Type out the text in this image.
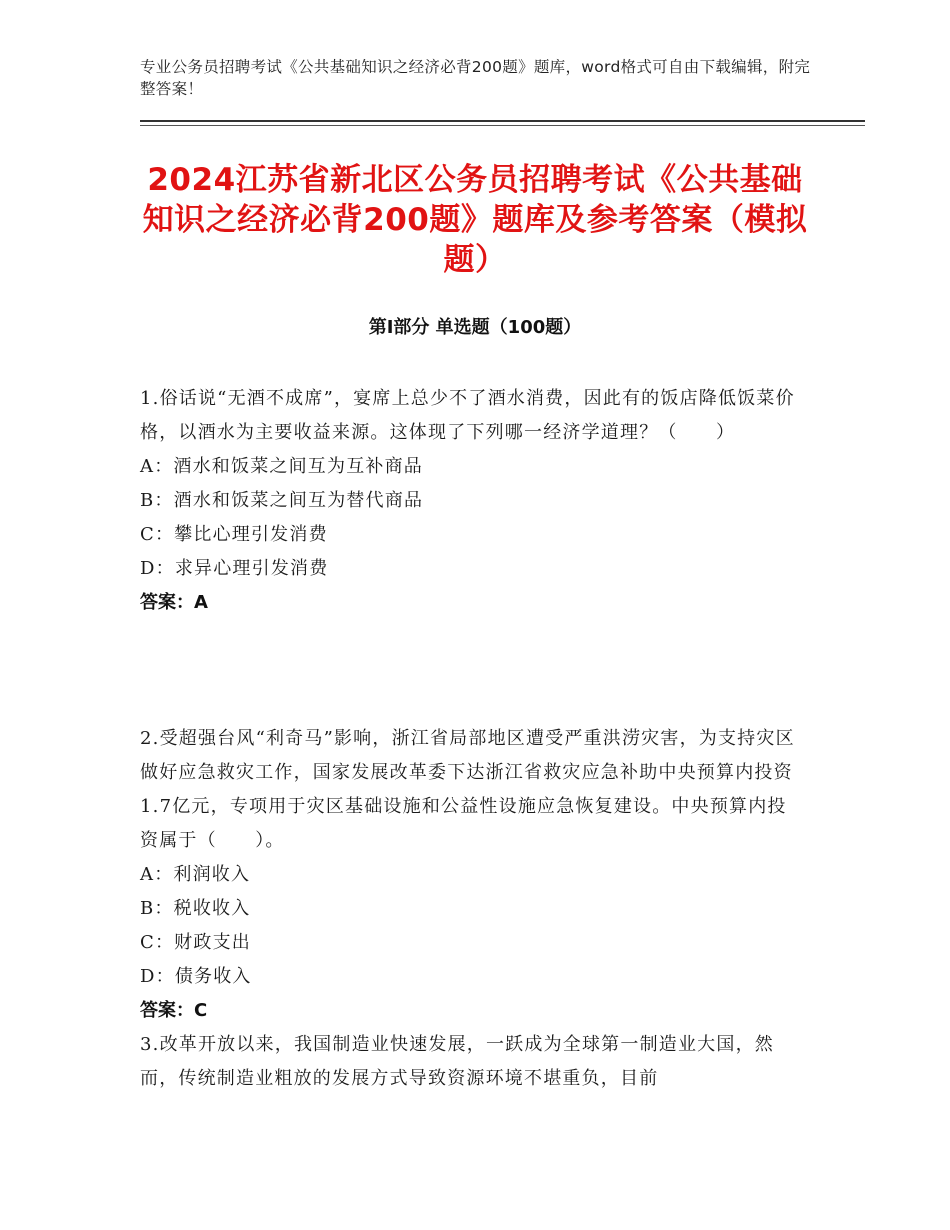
专业公务员招聘考试《公共基础知识之经济必背200题》题库，word格式可自由下载编辑，附完整答案！
2024江苏省新北区公务员招聘考试《公共基础知识之经济必背200题》题库及参考答案（模拟题）
第Ⅰ部分 单选题（100题）
1.俗话说“无酒不成席”，宴席上总少不了酒水消费，因此有的饭店降低饭菜价格，以酒水为主要收益来源。这体现了下列哪一经济学道理？（　　）
A：酒水和饭菜之间互为互补商品
B：酒水和饭菜之间互为替代商品
C：攀比心理引发消费
D：求异心理引发消费
答案：A
2.受超强台风“利奇马”影响，浙江省局部地区遭受严重洪涝灾害，为支持灾区做好应急救灾工作，国家发展改革委下达浙江省救灾应急补助中央预算内投资1.7亿元，专项用于灾区基础设施和公益性设施应急恢复建设。中央预算内投资属于（　　）。
A：利润收入
B：税收收入
C：财政支出
D：债务收入
答案：C
3.改革开放以来，我国制造业快速发展，一跃成为全球第一制造业大国，然而，传统制造业粗放的发展方式导致资源环境不堪重负，目前
